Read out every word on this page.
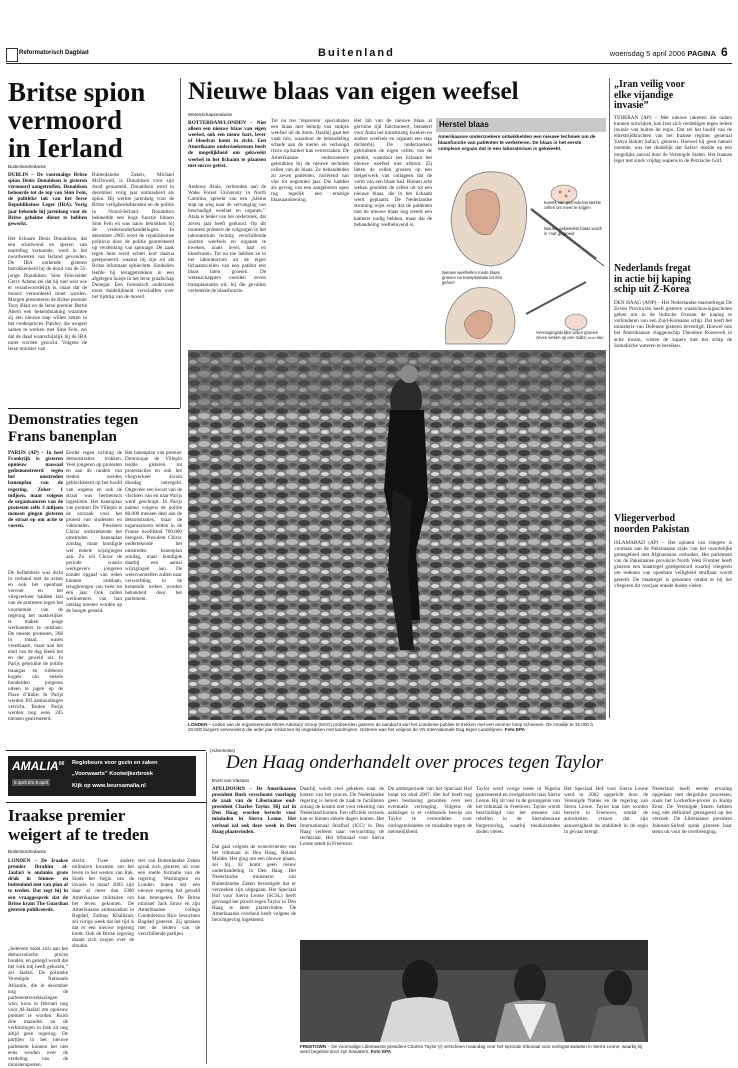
Reformatorisch Dagblad	Buitenland	woensdag 5 april 2006 PAGINA 6
Britse spion
vermoord
in Ierland
Buitenlandredactie
DUBLIN – De voormalige Britse spion Denis Donaldson is gisteren vermoord aangetroffen. Donaldson behoorde tot de top van Sinn Fein, de politieke tak van het Ierse Republikeinse Leger (IRA). Vorig jaar bekende hij jarenlang voor de Britse geheime dienst te hebben gewerkt.
Het lichaam Denis Donaldson, dat een schotwond en sporen van marteling vertoonde, werd in het noordwesten van Ierland gevonden. De IRA ontkende gisteren betrokkenheid bij de dood van de 55-jarige Donaldson. Sinn Fein-leider Gerry Adams zei dat hij niet wist wie er verantwoordelijk is, maar dat de moord veroordeeld moet worden. Morgen presenteren de Britse premier Tony Blair en de Ierse premier Bertie Ahern een bekendmaking waarmee zij een nieuwe stap willen zetten in het vredesproces. Paisley, die weigert samen te werken met Sinn Fein, zei dat de daad waarschijnlijk bij de IRA moet worden gezocht. Volgens de Ierse minister van
Buitenlandse Zaken, Michael McDowell, is Donaldson voor zijn dood gemarteld. Donaldson werd in december vorig jaar ontmaskerd als spion. Hij werkte jarenlang voor de Britse veiligheidsdiensten en de politie in Noord-Ierland. Donaldson bekleedde een hoge functie binnen Sinn Fein en was nauw betrokken bij de vredesonderhandelingen. In december 2005 werd de republikeinse politicus door de politie gearresteerd op verdenking van spionage. De zaak tegen hem werd echter kort daarna geseponeerd, waarna hij zijn rol als Britse informant opbiechtte. Sindsdien leefde hij teruggetrokken in een afgelegen huisje in het Ierse graafschap Donegal. Een forensisch onderzoek moet duidelijkheid verschaffen over het tijdstip van de moord.
Nieuwe blaas van eigen weefsel
Wetenschapsredactie
ROTTERDAM/LONDEN – Niet alleen een nieuwe blaas van eigen weefsel, ook een nieuw hart, lever of bloedvat komt in zicht. Een Amerikaans onderzoeksteam heeft de mogelijkheid om gekweekt weefsel in het lichaam te plaatsen met succes getest.
Anthony Atala, verbonden aan de Wake Forest University in North Carolina, spreekt van een ,,kleine stap op weg naar de vervanging van beschadigd weefsel en organen.’’ Atala is leider van het onderzoek, dat zeven jaar heeft geduurd. Op dit moment probeert de volgorgen in het laboratorium twintig verschillende soorten weefsels en organen te kweken, zoals lever, hart en bloedvaten. Tot nu toe hebben ze in het laboratorium uit de eigen lichaamscellen van een patiënt een blaas laten groeien. De wetenschappers voerden zeven transplantaties uit, bij die gevallen verbeterde de blaasfunctie.
Tot nu toe ‘repareren’ specialisten een blaas met behulp van stukjes weefsel uit de darm. Daarbij gaat het vaak mis, waardoor de behandeling schade aan de nieren en verhoogd risico op kanker kan veroorzaken. De Amerikaanse onderzoekers gebruikten bij de nieuwe techniek cellen van de blaas. Ze behandelden zo zeven patiënten, variërend van vier tot negentien jaar. Die hadden als gevolg van een aangeboren open rug tegelijk een ernstige blaasaandoening.
Het lab van de nieuwe blaas al gerruine tijd functioneert, benadert voor Atala het kunstmatig kweken en andere weefsels en organen een stap dichterbij. De onderzoekers gebruikten de eigen cellen van de patiënt, waardoor het lichaam het nieuwe weefsel niet afstoot. Zij lieten de cellen groeien op een steigerwerk van collageen dat de vorm van een blaas had. Binnen acht weken groeiden de cellen uit tot een nieuwe blaas, die in het lichaam werd geplaatst. De Nederlandse stroming wijst erop dat de patiënten met de nieuwe blaas nog steeds een katheter nodig hebben, maar dat de behandeling veelbelovend is.
Herstel blaas
Amerikaanse onderzoekers ontwikkelden een nieuwe techniek om de blaasfunctie van patiënten te verbeteren. De blaas is het eerste complexe orgaan dat in een laboratorium is gekweekt.
Kweek van gezonde/versterkte cellen om meer te krijgen
Nieuwe gekweekte blaas wordt in ‘mal’ gegroeid
Nieuwe weefsellen mede blaas groeien na transplantatie tot één geheel
Vervangingsdelijke cellen groeien zeven weken op een mal
RD, bron BBC
„Iran veilig voor
elke vijandige
invasie”
TEHERAN (AP) – Met nieuwe raketten die radars kunnen ontwijken, kan Iran zich verdedigen tegen iedere invasie van buiten de regio. Dat zei het hoofd van de elitestrijdkrachten van het Iraanse regime, generaal Yahya Rahim Safavi, gisteren. Hoewel hij geen namen noemde, was het duidelijk dat Safavi doelde op een mogelijke aanval door de Verenigde Staten. Het Iraanse leger test sinds vrijdag wapens in de Perzische Golf.
Nederlands fregat
in actie bij kaping
schip uit Z-Korea
DEN HAAG (ANP) – Het Nederlandse marinefregat De Zeven Provinciën heeft gisteren waarschuwingsschoten gelost om in de Indische Oceaan de kaping te verhinderen van een Zuid-Koreaans schip. Dat heeft het ministerie van Defensie gisteren bevestigd. Hoewel ook het Amerikaanse vlaggenschip Theodore Roosevelt in actie kwam, wisten de kapers met het schip de Somalische wateren te bereiken.
Vliegerverbod
noorden Pakistan
ISLAMABAD (AP) – Het oplaten van vliegers is voortaan aan de Pakistaanse zijde van het noordelijke grensgebied met Afghanistan verboden. Het parlement van de Pakistaanse provincie North West Frontier heeft gisteren een maatregel goedgekeurd waarbij vliegeren om redenen van openbare veiligheid strafbaar wordt gesteld. De maatregel is genomen omdat er bij het vliegeren dit voorjaar enkele doden vielen.
LONDEN – Leden van de organiserende Mines Advisory Group (MAG) probeerden gisteren de aandacht van het Londense publiek te trekken met een enorme hoop schoenen. De moeilijk te 15.000 à 20.000 burgers verwondens die ieder jaar omkomen bij ongelukken met landmijnen. Gisteren was het volgens de VN Internationale Dag tegen Landmijnen. Foto EPA
Demonstraties tegen
Frans banenplan
PARIJS (AP) – In heel Frankrijk is gisteren opnieuw massaal gedemonstreerd tegen het omstreden banenplan van de regering. Zeker 1 miljoen, maar volgens de organisatoren van de protesten zelfs 3 miljoen mensen gingen gisteren de straat op om actie te voeren.
De liefhebbers was dicht in verband met de acties en ook het openbaar vervoer en het vliegverkeer hadden last van de protesten tegen het voornemen van de regering het makkelijker te maken jonge werknemers te ontslaan. De meeste protesten, 268 in totaal, waren vreedzaam, maar aan het eind van de dag bleek het en der geweld uit. In Parijs gebruikte de politie traangas en rubberen kogels om enkele honderden jongeren uiteen te jagen op de Place d’Italie. In Parijs werden 383 aanhoudingen verricht. Buiten Parijs werden nog eens 245 mensen gearresteerd.
Eerder tegen richting de demonstraties trokken. Veel jongeren op protesten en aan de randen van steden werden geblockkeerd op het hoofd van wapens en ook de straat was hermetisch ingesloten. Het banenplan van premier De Villepin is de oorzaak voor het protest van studenten en vakbonden. President Chirac ondertekende het omstreden banenplan zondag, maar kondigde wel enkele wijzigingen aan. Zo wil Chirac de periode waarin werkgevers jongeren zonder opgaaf van reden kunnen ontslaan, terugbrengen van twee tot één jaar. Ook zullen werknemers van hun ontslag moeten worden op de hoogte gesteld.
Het banenplan van premier Dominique de Villepin leidde gisteren tot protestacties en ook het vliegverkeer kwam dinsdag ontregeld. Ongeveer een kwart van de vluchten van en naar Parijs werd geschrapt. In Parijs namen volgens de politie 80.000 mensen deel aan de demonstraties, maar de organisatoren telden in de Franse hoofdstad 700.000 betogers. President Chirac ondertekende het omstreden banenplan zondag, maar kondigde daarbij een aantal wijzigingen aan. De wetsvoorstellen zullen naar verwachting in de komende weken worden behandeld door het parlement.
(Advertentie)
AMALIA$^{06}$
5 april t/m 8 april
Regiobeurs voor gezin en zaken
„Voorwaarts” Kootwijkerbroek
Kijk op www.beursamalia.nl
Iraakse premier
weigert af te treden
Buitenlandredactie
LONDEN – De Iraakse premier Ibrahim al-Jaafari is ondanks grote druk in binnen- en buitenland niet van plan af te treden. Dat zegt hij in een vraaggesprek dat de Britse krant The Guardian gisteren publiceerde.
„Iedereen moet zich aan het democratische proces houden, en gezegd wordt dat het volk mij heeft gekozen,” zei Jaafari. De politieke Verenigde Nationale Alliantie, die in december nog de parlementsverkiezingen won, koos in februari nog voor Al-Jaafari om opnieuw premier te worden. Ruim drie maanden na de verkiezingen in Irak zit nog altijd geen regering. De partijen in het nieuwe parlement kunnen het niet eens worden over de verdeling van de ministersposten.
slecht. Twee andere militairen kwamen om het leven in het westen van Irak. Sinds het begin van de invasie in maart 2003 zijn daar al meer dan 2300 Amerikaanse militairen om het leven gekomen. De Amerikaanse ambassadeur in Bagdad, Zalmay Khalilzad, zei vorige week dat het tijd is dat er een nieuwe regering komt. Ook de Britse regering maakt zich zorgen over de situatie.
ster van Buitenlandse Zaken sprak zich gisteren uit voor een snelle formatie van de regering. Washington en Londen hopen dat een nieuwe regering het geweld kan beteugelen. De Britse minister Jack Straw en zijn Amerikaanse collega Condoleezza Rice bezochten Bagdad gisteren. Zij spraken met de leiders van de verschillende partijen.
Den Haag onderhandelt over proces tegen Taylor
Evert van Vlastuin
APELDOORN – De Amerikaanse president Bush verschoont voorlopig de zaak van de Liberiaanse oud-president Charles Taylor. Hij zal in Den Haag worden berecht voor misdaden in Sierra Leone. Het verbaal zal ook deze week in Den Haag plaatsvinden.
Dat gaat volgens de woordvoerder van het tribunaal in Den Haag, Roland Mulder. Het ging om een nieuwe plaats, zei hij. Er komt geen nieuw onderhandeling in Den Haag. Het Nederlandse ministerie van Buitenlandse Zaken bevestigde dat er verzoeken zijn uitgegaan. Het Speciaal Hof voor Sierra Leone (SCSL) heeft gevraagd het proces tegen Taylor in Den Haag te laten plaatsvinden. De Amerikaanse overheid heeft volgens de berichtgeving ingestemd.
Daarbij wordt veel gekeken naar de kosten van het proces. De Nederlandse regering is bereid de zaak te faciliteren zolang de kosten niet voor rekening van Nederland komen. Een officiële verzoek kan er binnen enkele dagen komen. Het Internationaal Strafhof (ICC) in Den Haag verleent naar verwachting de rechtszaal. Het tribunaal voor Sierra Leone zetelt in Freetown.
De ambtsperiode van het Speciaal Hof loopt tot eind 2007. Het hof heeft nog geen beslissing genomen over een eventuele verlenging. Volgens de aanklager is er voldoende bewijs om Taylor te veroordelen voor oorlogsmisdaden en misdaden tegen de menselijkheid.
Taylor werd vorige week in Nigeria gearresteerd en overgebracht naar Sierra Leone. Hij zit vast in de gevangenis van het tribunaal in Freetown. Taylor wordt beschuldigd van het steunen van rebellen in de Sierraleoonse burgeroorlog, waarbij tienduizenden doden vielen.
Het Speciaal Hof voor Sierra Leone werd in 2002 opgericht door de Verenigde Naties en de regering van Sierra Leone. Taylor kan niet worden berecht in Freetown, omdat de autoriteiten vrezen dat zijn aanwezigheid de stabiliteit in de regio in gevaar brengt.
Nederland heeft eerder ervaring opgedaan met dergelijke processen, zoals het Lockerbie-proces in Kamp Zeist. De Verenigde Staten hebben nog niet definitief gereageerd op het verzoek. De Liberiaanse president Johnson-Sirleaf sprak gisteren haar steun uit voor de overbrenging.
FREETOWN – De voormalige Liberiaanse president Charles Taylor (r) verscheen maandag voor het speciale tribunaal voor oorlogsmisdaden in Sierra Leone, waarbij hij werd begeleid door zijn bewakers. Foto EPA
